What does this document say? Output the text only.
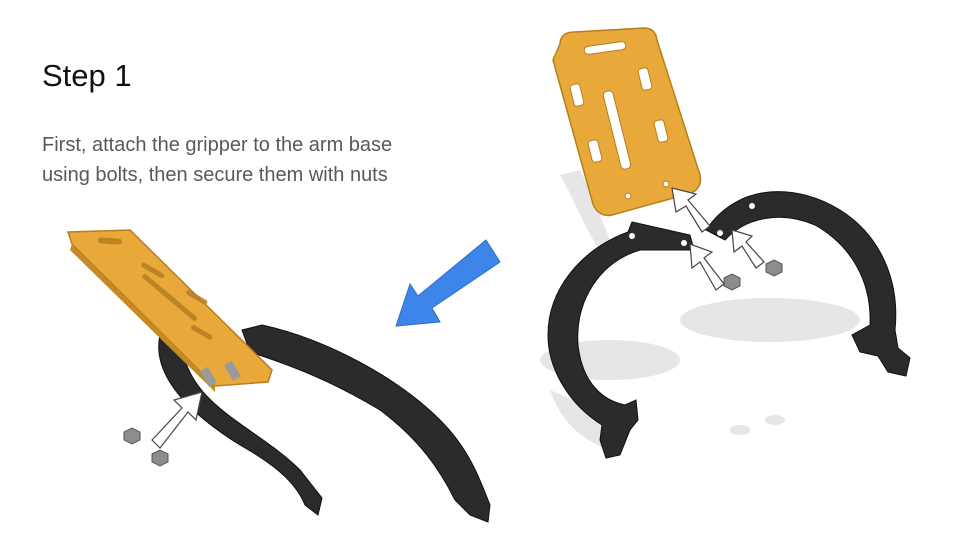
Step 1

First, attach the gripper to the arm base
using bolts, then secure them with nuts
